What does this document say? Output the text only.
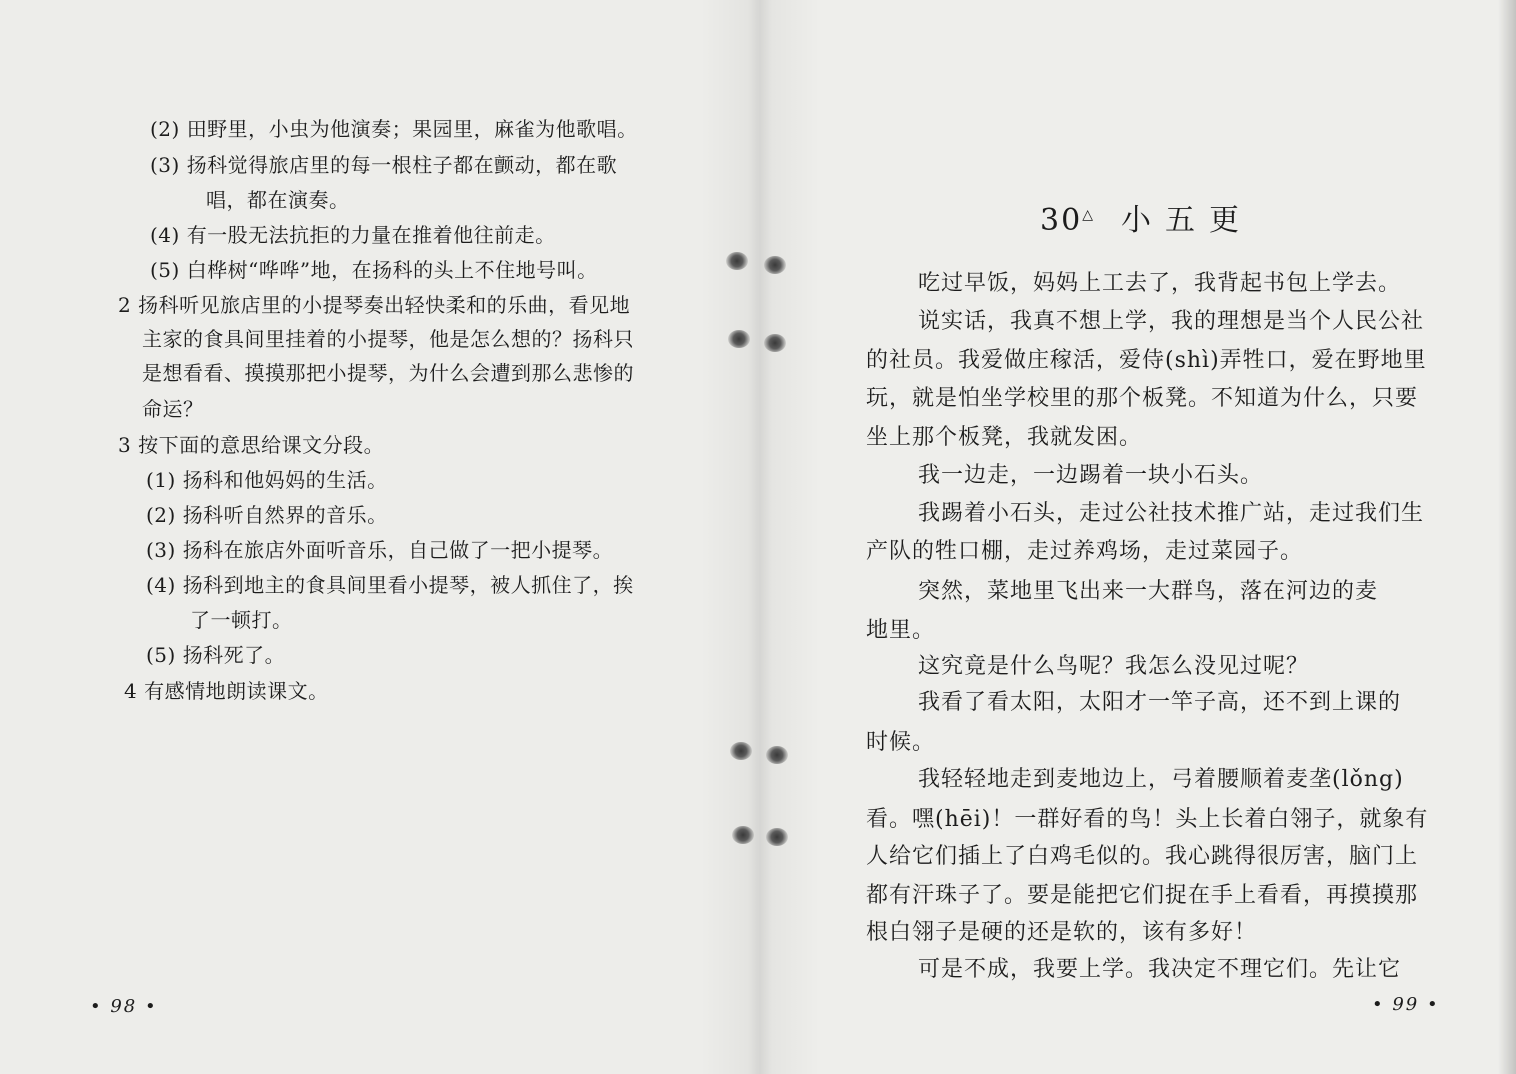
(2) 田野里，小虫为他演奏；果园里，麻雀为他歌唱。
(3) 扬科觉得旅店里的每一根柱子都在颤动，都在歌
唱，都在演奏。
(4) 有一股无法抗拒的力量在推着他往前走。
(5) 白桦树“哗哗”地，在扬科的头上不住地号叫。
2 扬科听见旅店里的小提琴奏出轻快柔和的乐曲，看见地
主家的食具间里挂着的小提琴，他是怎么想的？扬科只
是想看看、摸摸那把小提琴，为什么会遭到那么悲惨的
命运？
3 按下面的意思给课文分段。
(1) 扬科和他妈妈的生活。
(2) 扬科听自然界的音乐。
(3) 扬科在旅店外面听音乐，自己做了一把小提琴。
(4) 扬科到地主的食具间里看小提琴，被人抓住了，挨
了一顿打。
(5) 扬科死了。
4 有感情地朗读课文。
• 98 •
30△ 小五更
吃过早饭，妈妈上工去了，我背起书包上学去。
说实话，我真不想上学，我的理想是当个人民公社
的社员。我爱做庄稼活，爱侍(shì)弄牲口，爱在野地里
玩，就是怕坐学校里的那个板凳。不知道为什么，只要
坐上那个板凳，我就发困。
我一边走，一边踢着一块小石头。
我踢着小石头，走过公社技术推广站，走过我们生
产队的牲口棚，走过养鸡场，走过菜园子。
突然，菜地里飞出来一大群鸟，落在河边的麦
地里。
这究竟是什么鸟呢？我怎么没见过呢？
我看了看太阳，太阳才一竿子高，还不到上课的
时候。
我轻轻地走到麦地边上，弓着腰顺着麦垄(lǒng)
看。嘿(hēi)！一群好看的鸟！头上长着白翎子，就象有
人给它们插上了白鸡毛似的。我心跳得很厉害，脑门上
都有汗珠子了。要是能把它们捉在手上看看，再摸摸那
根白翎子是硬的还是软的，该有多好！
可是不成，我要上学。我决定不理它们。先让它
• 99 •
